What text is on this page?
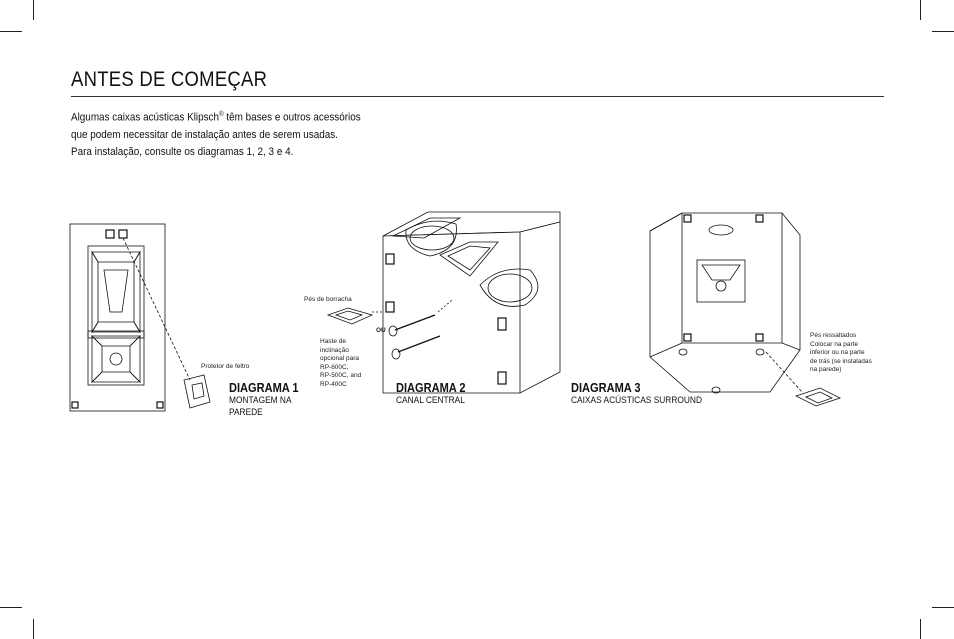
ANTES DE COMEÇAR

Algumas caixas acústicas Klipsch® têm bases e outros acessórios

que podem necessitar de instalação antes de serem usadas.

Para instalação, consulte os diagramas 1, 2, 3 e 4.

Protetor de feltro
DIAGRAMA 1
MONTAGEM NA
PAREDE
Pés de borracha
OU
Haste de
inclinação
opcional para
RP-600C,
RP-500C, and
RP-400C	DIAGRAMA 2
CANAL CENTRAL
Pés ressaltados
Colocar na parte
inferior ou na parte
de trás (se instaladas
na parede)
DIAGRAMA 3
CAIXAS ACÚSTICAS SURROUND
